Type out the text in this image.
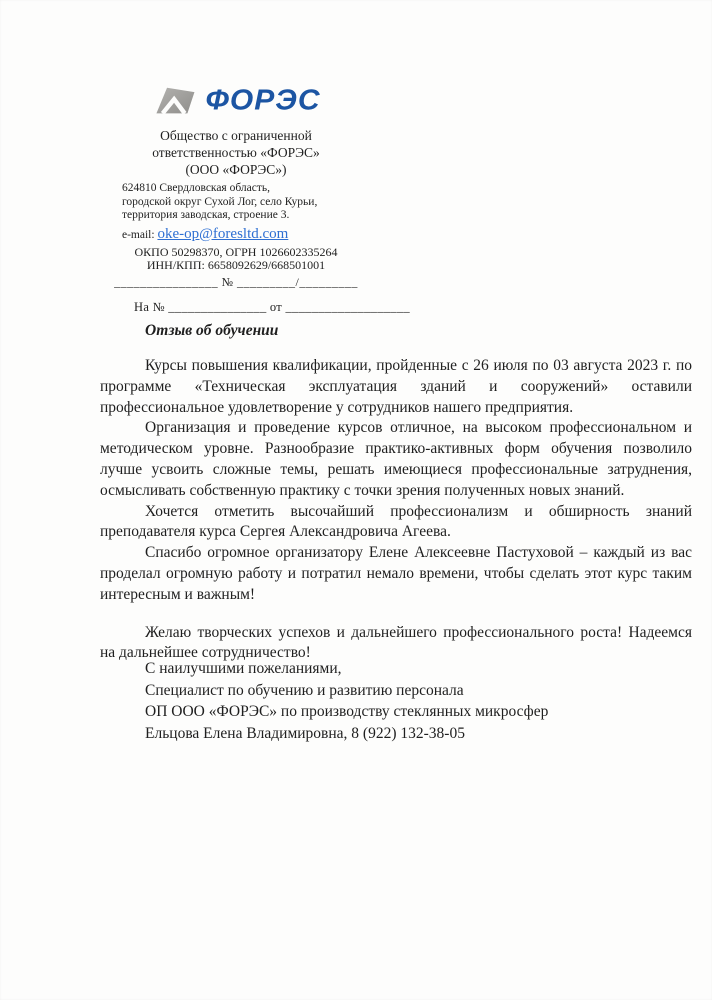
ФОРЭС
Общество с ограниченной
ответственностью «ФОРЭС»
(ООО «ФОРЭС»)
624810 Свердловская область,
городской округ Сухой Лог, село Курьи,
территория заводская, строение 3.
e-mail: oke-op@foresltd.com
ОКПО 50298370, ОГРН 1026602335264
ИНН/КПП: 6658092629/668501001
________________ № _________/_________
На № _______________ от ___________________
Отзыв об обучении

Курсы повышения квалификации, пройденные с 26 июля по 03 августа 2023 г. по программе «Техническая эксплуатация зданий и сооружений» оставили профессиональное удовлетворение у сотрудников нашего предприятия.

Организация и проведение курсов отличное, на высоком профессиональном и методическом уровне. Разнообразие практико-активных форм обучения позволило лучше усвоить сложные темы, решать имеющиеся профессиональные затруднения, осмысливать собственную практику с точки зрения полученных новых знаний.

Хочется отметить высочайший профессионализм и обширность знаний преподавателя курса Сергея Александровича Агеева.

Спасибо огромное организатору Елене Алексеевне Пастуховой – каждый из вас проделал огромную работу и потратил немало времени, чтобы сделать этот курс таким интересным и важным!

Желаю творческих успехов и дальнейшего профессионального роста! Надеемся на дальнейшее сотрудничество!

С наилучшими пожеланиями,
Специалист по обучению и развитию персонала
ОП ООО «ФОРЭС» по производству стеклянных микросфер
Ельцова Елена Владимировна, 8 (922) 132-38-05
